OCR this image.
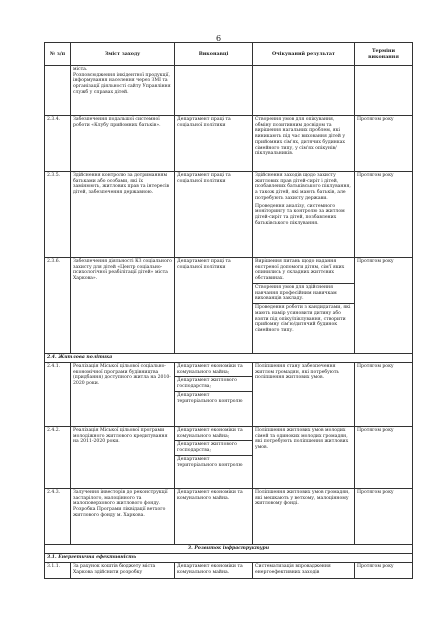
6
№ з/п	Зміст заходу	Виконавці	Очікуваний результат	Терміни виконання
	міста.
Розповсюдження інкідентної продукції, інформування населення через ЗМІ та організації діяльності сайту Управління служб у справах дітей.			
2.3.4.	Забезпечення подальшої системної роботи «Клубу прийомних батьків».	Департамент праці та соціальної політики	Створення умов для опікування, обміну позитивним досвідом та вирішення нагальних проблем, які виникають під час виховання дітей у прийомних сім'ях, дитячих будинках сімейного типу, у сім'ях опікунів/піклувальників.	Протягом року
2.3.5.	Здійснення контролю за дотриманням батьками або особами, які їх замінюють, житлових прав та інтересів дітей, забезпечення державною.	Департамент праці та соціальної політики	Здійснення заходів щодо захисту житлових прав дітей-сиріт і дітей, позбавлених батьківського піклування, а також дітей, які мають батьків, але потребують захисту держави.
Проведення аналізу, системного моніторингу та контролю за житлом дітей-сиріт та дітей, позбавлених батьківського піклування.	Протягом року
2.3.6.	Забезпечення діяльності КЗ соціального захисту для дітей «Центр соціально-психологічної реабілітації дітей» міста Харкова».	Департамент праці та соціальної політики	Вирішення питань щодо надання екстреної допомоги дітям, сім'ї яких опинились у складних життєвих обставинах.
Створення умов для здійснення навчання професійним навичкам вихованців закладу.
Проведення роботи з кандидатами, які мають намір усиновити дитину або взяти під опіку/піклування, створити прийомну сім'ю/дитячий будинок сімейного типу.	Протягом року
2.4. Житлова політика				
2.4.1.	Реалізація Міської цільової соціально-економічної програми будівництва (придбання) доступного житла на 2010-2020 роки.	Департамент економіки та комунального майна;
Департамент житлового господарства;
Департамент територіального контролю	Поліпшення стану забезпечення житлом громадян, які потребують поліпшення житлових умов.	Протягом року
2.4.2.	Реалізація Міської цільової програми молодіжного житлового кредитування на 2011-2020 роки.	Департамент економіки та комунального майна;
Департамент житлового господарства;
Департамент територіального контролю	Поліпшення житлових умов молодих сімей та одиноких молодих громадян, які потребують поліпшення житлових умов.	Протягом року
2.4.3.	Залучення інвесторів до реконструкції застарілого, малоцінного та малоповерхового житлового фонду.
Розробка Програми ліквідації ветхого житлового фонду м. Харкова.	Департамент економіки та комунального майна.	Поліпшення житлових умов громадян, які мешкають у ветхому, малоцінному житловому фонді.	Протягом року
3. Розвиток інфраструктури				
3.1. Енергетична ефективність				
3.1.1.	За рахунок коштів бюджету міста Харкова здійснити розробку	Департамент економіки та комунального майна.	Систематизація впровадження енергоефективних заходів	Протягом року
